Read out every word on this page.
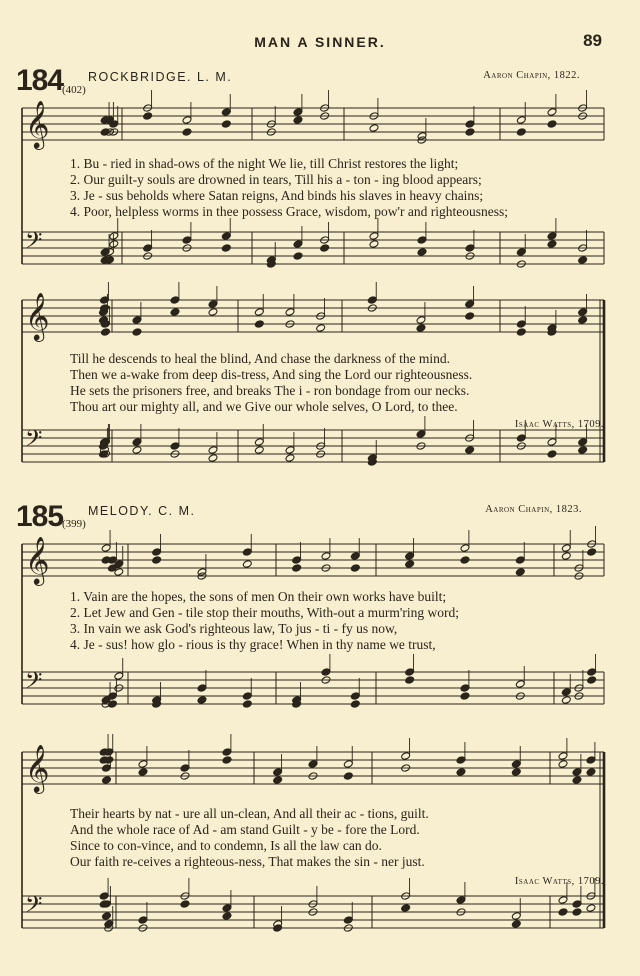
𝄞
𝄢
𝄞
𝄢
𝄞
𝄢
𝄞
𝄢
MAN A SINNER.	89
184
(402)
ROCKBRIDGE. L. M.	Aaron Chapin, 1822.
1. Bu - ried in shad-ows of the night We lie, till Christ restores the light;
2. Our guilt-y souls are drowned in tears, Till his a - ton - ing blood appears;
3. Je - sus beholds where Satan reigns, And binds his slaves in heavy chains;
4. Poor, helpless worms in thee possess Grace, wisdom, pow'r and righteousness;
Till he descends to heal the blind, And chase the darkness of the mind.
Then we a-wake from deep dis-tress, And sing the Lord our righteousness.
He sets the prisoners free, and breaks The i - ron bondage from our necks.
Thou art our mighty all, and we Give our whole selves, O Lord, to thee.
Isaac Watts, 1709.
185
(399)
MELODY. C. M.	Aaron Chapin, 1823.
1. Vain are the hopes, the sons of men On their own works have built;
2. Let Jew and Gen - tile stop their mouths, With-out a murm'ring word;
3. In vain we ask God's righteous law, To jus - ti - fy us now,
4. Je - sus! how glo - rious is thy grace! When in thy name we trust,
Their hearts by nat - ure all un-clean, And all their ac - tions, guilt.
And the whole race of Ad - am stand Guilt - y be - fore the Lord.
Since to con-vince, and to condemn, Is all the law can do.
Our faith re-ceives a righteous-ness, That makes the sin - ner just.
Isaac Watts, 1709.
